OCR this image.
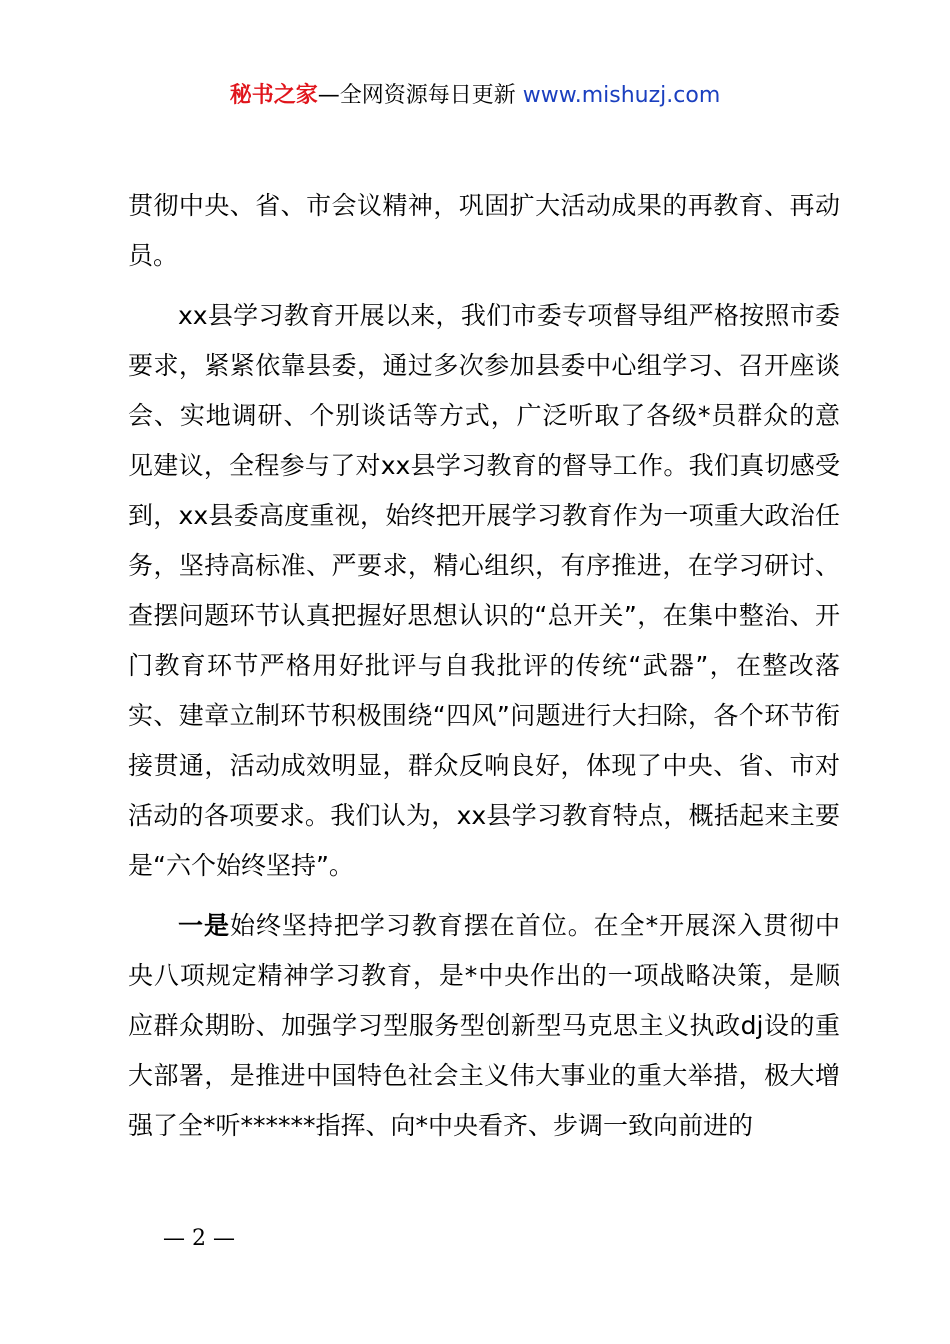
秘书之家—全网资源每日更新 www.mishuzj.com

贯彻中央、省、市会议精神，巩固扩大活动成果的再教育、再动员。

xx县学习教育开展以来，我们市委专项督导组严格按照市委要求，紧紧依靠县委，通过多次参加县委中心组学习、召开座谈会、实地调研、个别谈话等方式，广泛听取了各级*员群众的意见建议，全程参与了对xx县学习教育的督导工作。我们真切感受到，xx县委高度重视，始终把开展学习教育作为一项重大政治任务，坚持高标准、严要求，精心组织，有序推进，在学习研讨、查摆问题环节认真把握好思想认识的“总开关”，在集中整治、开门教育环节严格用好批评与自我批评的传统“武器”，在整改落实、建章立制环节积极围绕“四风”问题进行大扫除，各个环节衔接贯通，活动成效明显，群众反响良好，体现了中央、省、市对活动的各项要求。我们认为，xx县学习教育特点，概括起来主要是“六个始终坚持”。

一是始终坚持把学习教育摆在首位。在全*开展深入贯彻中央八项规定精神学习教育，是*中央作出的一项战略决策，是顺应群众期盼、加强学习型服务型创新型马克思主义执政dj设的重大部署，是推进中国特色社会主义伟大事业的重大举措，极大增强了全*听******指挥、向*中央看齐、步调一致向前进的

— 2 —
